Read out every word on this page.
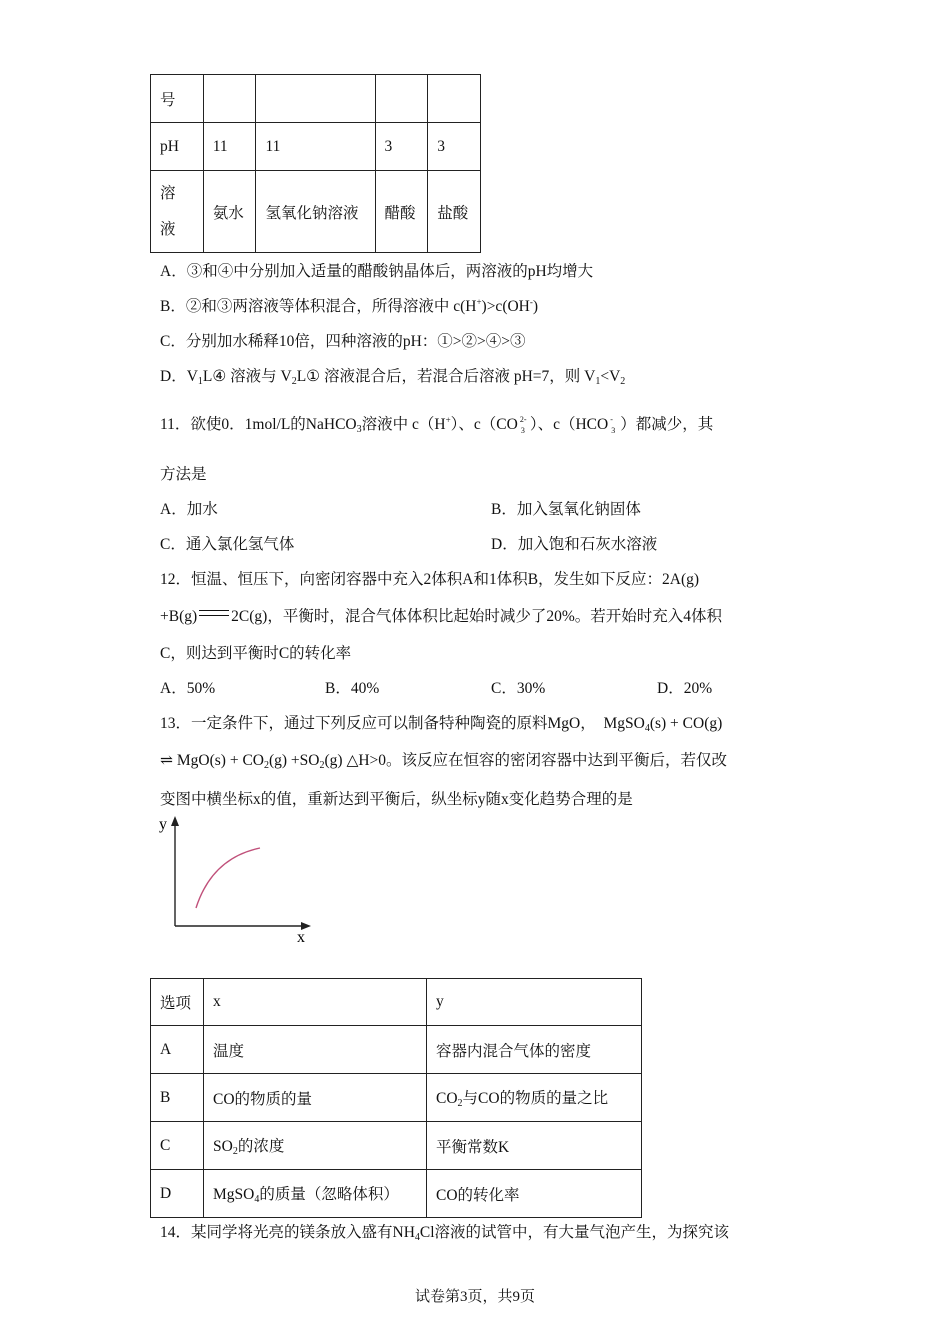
号				
pH	11	11	3	3
溶
液	氨水	氢氧化钠溶液	醋酸	盐酸
A．③和④中分别加入适量的醋酸钠晶体后，两溶液的pH均增大
B．②和③两溶液等体积混合，所得溶液中 c(H+)>c(OH-)
C．分别加水稀释10倍，四种溶液的pH：①>②>④>③
D．$V_1L④$ 溶液与 $V_2L①$ 溶液混合后，若混合后溶液 pH=7，则 $V_1<V_2$
11．欲使0．1mol/L的NaHCO$_3$溶液中 c（H+）、c（CO 2-
3 ）、c（HCO -
3 ）都减少，其
方法是
A．加水	B．加入氢氧化钠固体
C．通入氯化氢气体	D．加入饱和石灰水溶液
12．恒温、恒压下，向密闭容器中充入2体积A和1体积B，发生如下反应：2A(g)
+B(g) 2C(g)，平衡时，混合气体体积比起始时减少了20%。若开始时充入4体积
C，则达到平衡时C的转化率
A．50%	B．40%	C．30%	D．20%
13．一定条件下，通过下列反应可以制备特种陶瓷的原料MgO，　MgSO$_4$(s) + CO(g)
⇌ $MgO(s) + CO_2(g) +SO_2(g)$ △H>0。该反应在恒容的密闭容器中达到平衡后，若仅改
变图中横坐标x的值，重新达到平衡后，纵坐标y随x变化趋势合理的是
y
x
选项	x	y
A	温度	容器内混合气体的密度
B	CO的物质的量	$CO_2$与CO的物质的量之比
C	$SO_2$的浓度	平衡常数K
D	MgSO$_4$的质量（忽略体积）	CO的转化率
14．某同学将光亮的镁条放入盛有$NH_4Cl$溶液的试管中，有大量气泡产生，为探究该
试卷第3页，共9页
